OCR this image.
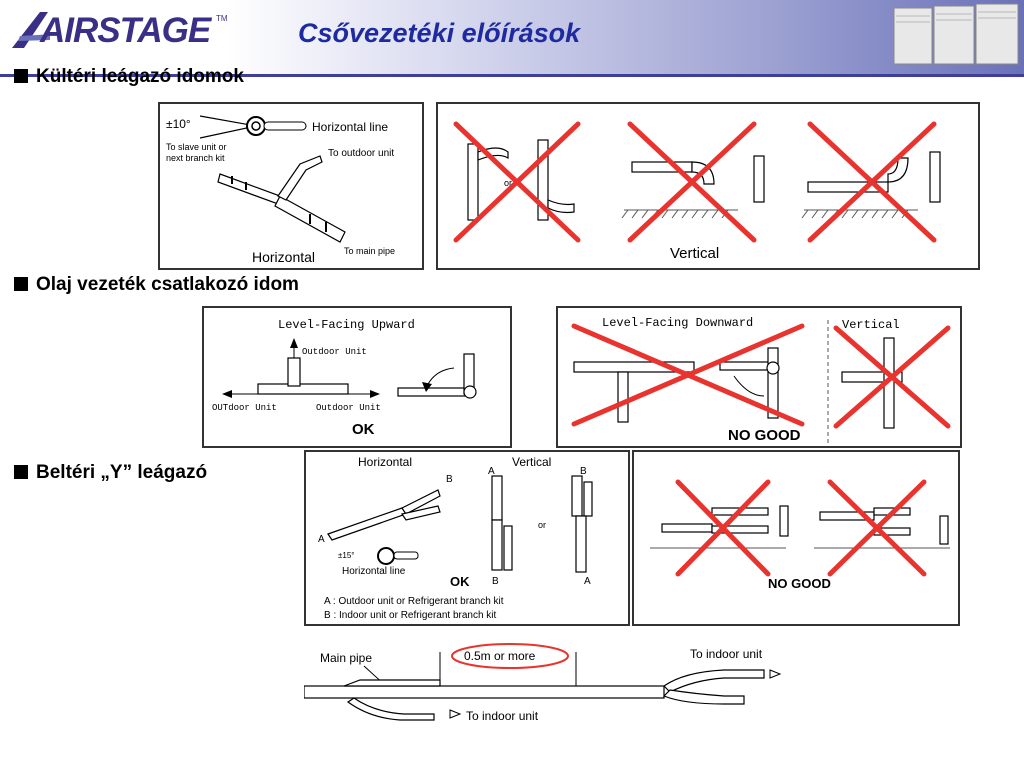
AIRSTAGE TM	Csővezetéki előírások
Kültéri leágazó idomok
Olaj vezeték csatlakozó idom
Beltéri „Y” leágazó
±10°	Horizontal line
To slave unit or
next branch kit	To outdoor unit
To main pipe
Horizontal
or
Vertical
Level-Facing Upward
Outdoor Unit
OUTdoor Unit	Outdoor Unit
OK
Level-Facing Downward	Vertical
NO GOOD
Horizontal	Vertical
B
A
±15°
Horizontal line
A
B
B
A
or
OK
A : Outdoor unit or Refrigerant branch kit
B : Indoor unit or Refrigerant branch kit
NO GOOD
Main pipe	0.5m or more	To indoor unit
To indoor unit
